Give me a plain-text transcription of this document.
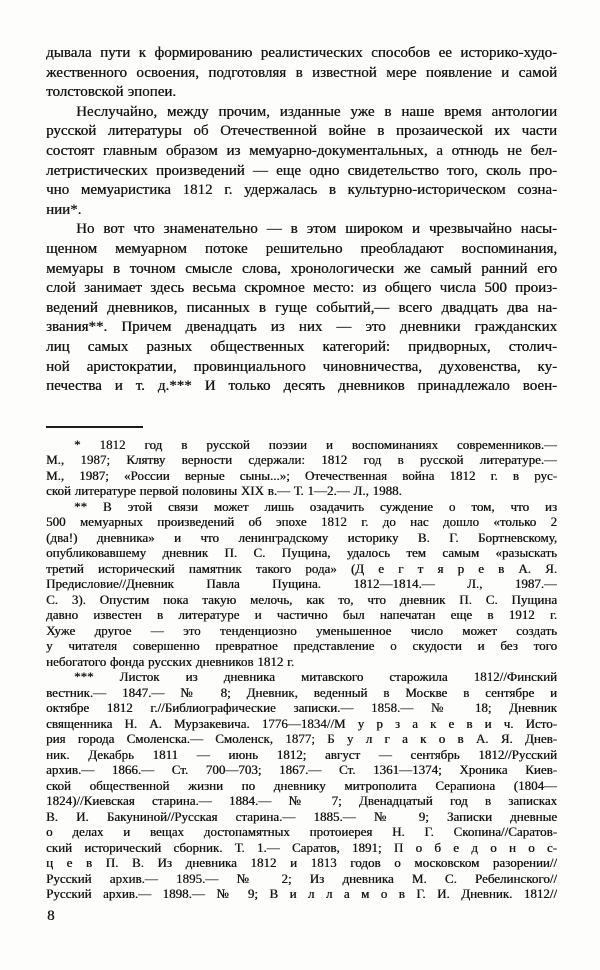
дывала пути к формированию реалистических способов ее историко-худо-
жественного освоения, подготовляя в известной мере появление и самой
толстовской эпопеи.
Неслучайно, между прочим, изданные уже в наше время антологии
русской литературы об Отечественной войне в прозаической их части
состоят главным образом из мемуарно-документальных, а отнюдь не бел-
летристических произведений — еще одно свидетельство того, сколь про-
чно мемуаристика 1812 г. удержалась в культурно-историческом созна-
нии*.
Но вот что знаменательно — в этом широком и чрезвычайно насы-
щенном мемуарном потоке решительно преобладают воспоминания,
мемуары в точном смысле слова, хронологически же самый ранний его
слой занимает здесь весьма скромное место: из общего числа 500 произ-
ведений дневников, писанных в гуще событий,— всего двадцать два на-
звания**. Причем двенадцать из них — это дневники гражданских
лиц самых разных общественных категорий: придворных, столич-
ной аристократии, провинциального чиновничества, духовенства, ку-
печества и т. д.*** И только десять дневников принадлежало воен-
* 1812 год в русской поэзии и воспоминаниях современников.—
М., 1987; Клятву верности сдержали: 1812 год в русской литературе.—
М., 1987; «России верные сыны...»; Отечественная война 1812 г. в рус-
ской литературе первой половины XIX в.— Т. 1—2.— Л., 1988.
** В этой связи может лишь озадачить суждение о том, что из
500 мемуарных произведений об эпохе 1812 г. до нас дошло «только 2
(два!) дневника» и что ленинградскому историку В. Г. Бортневскому,
опубликовавшему дневник П. С. Пущина, удалось тем самым «разыскать
третий исторический памятник такого рода» (Д е г т я р е в А. Я.
Предисловие//Дневник Павла Пущина. 1812—1814.— Л., 1987.—
С. 3). Опустим пока такую мелочь, как то, что дневник П. С. Пущина
давно известен в литературе и частично был напечатан еще в 1912 г.
Хуже другое — это тенденциозно уменьшенное число может создать
у читателя совершенно превратное представление о скудости и без того
небогатого фонда русских дневников 1812 г.
*** Листок из дневника митавского старожила 1812//Финский
вестник.— 1847.— № 8; Дневник, веденный в Москве в сентябре и
октябре 1812 г.//Библиографические записки.— 1858.— № 18; Дневник
священника Н. А. Мурзакевича. 1776—1834//М у р з а к е в и ч. Исто-
рия города Смоленска.— Смоленск, 1877; Б у л г а к о в А. Я. Днев-
ник. Декабрь 1811 — июнь 1812; август — сентябрь 1812//Русский
архив.— 1866.— Ст. 700—703; 1867.— Ст. 1361—1374; Хроника Киев-
ской общественной жизни по дневнику митрополита Серапиона (1804—
1824)//Киевская старина.— 1884.— № 7; Двенадцатый год в записках
В. И. Бакуниной//Русская старина.— 1885.— № 9; Записки дневные
о делах и вещах достопамятных протоиерея Н. Г. Скопина//Саратов-
ский исторический сборник. Т. 1.— Саратов, 1891; П о б е д о н о с-
ц е в П. В. Из дневника 1812 и 1813 годов о московском разорении//
Русский архив.— 1895.— № 2; Из дневника М. С. Ребелинского//
Русский архив.— 1898.— № 9; В и л л а м о в Г. И. Дневник. 1812//
8
